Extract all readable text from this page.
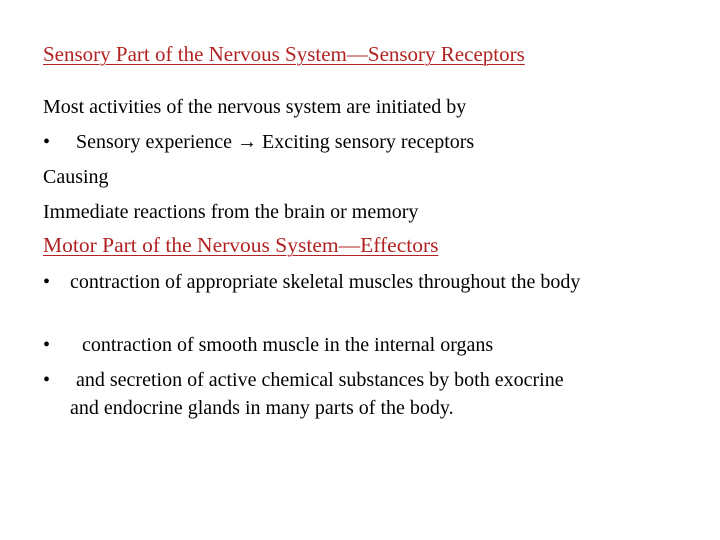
Sensory Part of the Nervous System—Sensory Receptors
Most activities of the nervous system are initiated by
• Sensory experience → Exciting sensory receptors
Causing
Immediate reactions from the brain or memory
Motor Part of the Nervous System—Effectors
• contraction of appropriate skeletal muscles throughout the body
• contraction of smooth muscle in the internal organs
• and secretion of active chemical substances by both exocrine
and endocrine glands in many parts of the body.
